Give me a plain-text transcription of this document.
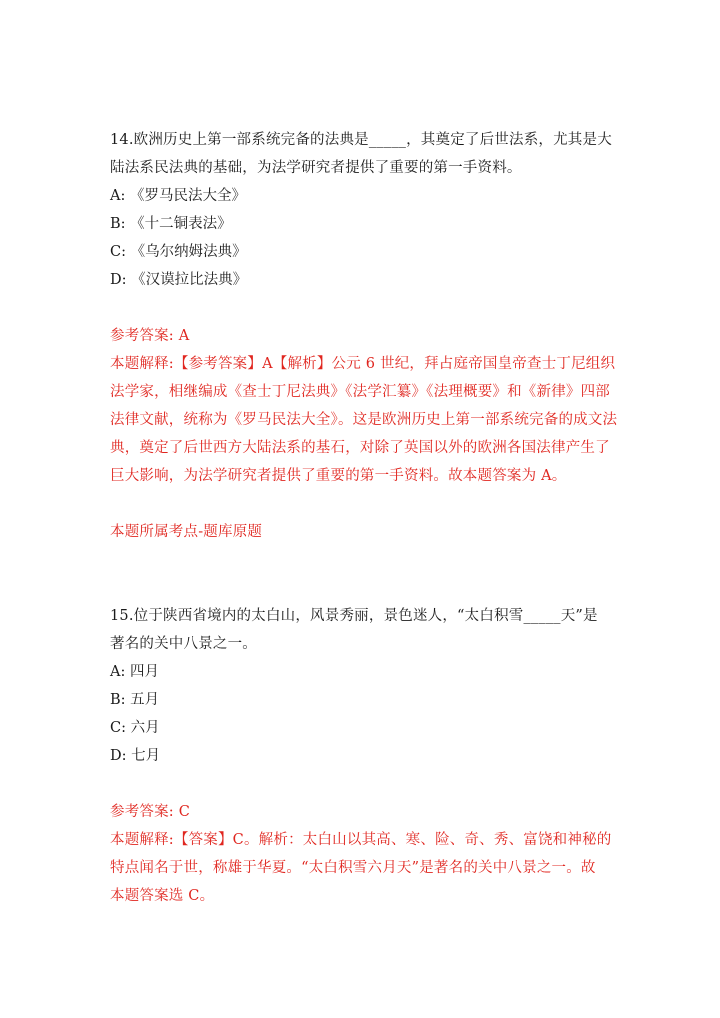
14.欧洲历史上第一部系统完备的法典是_____，其奠定了后世法系，尤其是大
陆法系民法典的基础，为法学研究者提供了重要的第一手资料。
A: 《罗马民法大全》
B: 《十二铜表法》
C: 《乌尔纳姆法典》
D: 《汉谟拉比法典》
参考答案: A
本题解释:【参考答案】A【解析】公元 6 世纪，拜占庭帝国皇帝查士丁尼组织
法学家，相继编成《查士丁尼法典》《法学汇纂》《法理概要》和《新律》四部
法律文献，统称为《罗马民法大全》。这是欧洲历史上第一部系统完备的成文法
典，奠定了后世西方大陆法系的基石，对除了英国以外的欧洲各国法律产生了
巨大影响，为法学研究者提供了重要的第一手资料。故本题答案为 A。
本题所属考点-题库原题
15.位于陕西省境内的太白山，风景秀丽，景色迷人，“太白积雪_____天”是
著名的关中八景之一。
A: 四月
B: 五月
C: 六月
D: 七月
参考答案: C
本题解释:【答案】C。解析：太白山以其高、寒、险、奇、秀、富饶和神秘的
特点闻名于世，称雄于华夏。“太白积雪六月天”是著名的关中八景之一。故
本题答案选 C。
